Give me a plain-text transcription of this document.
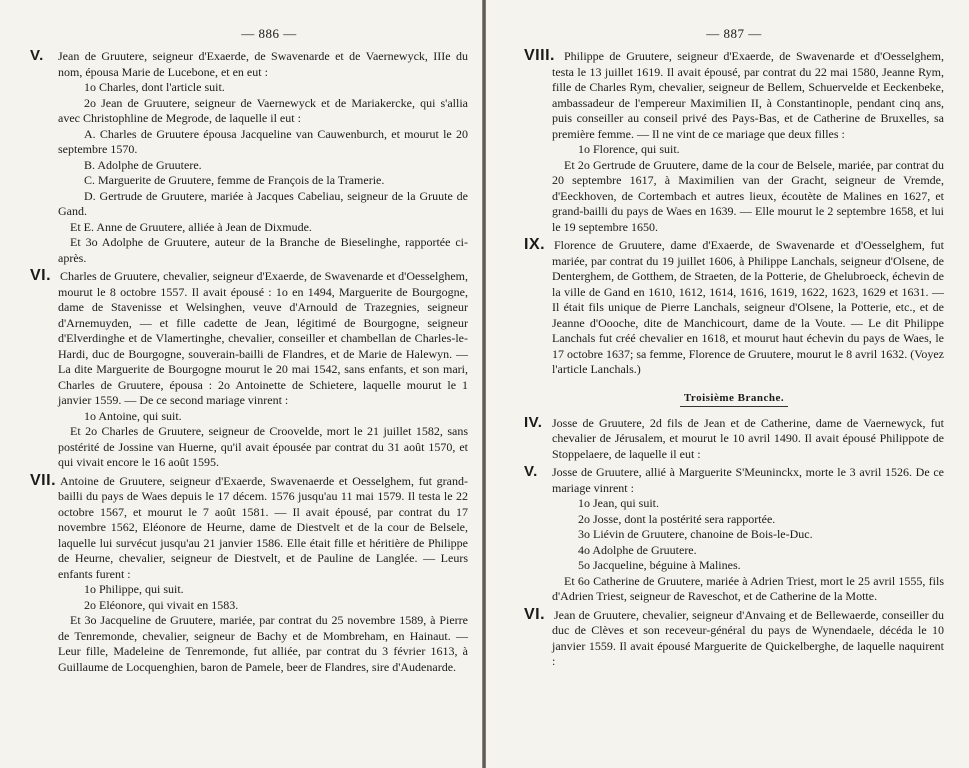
— 886 —

V. Jean de Gruutere, seigneur d'Exaerde, de Swavenarde et de Vaernewyck, IIIe du nom, épousa Marie de Lucebone, et en eut :

1o Charles, dont l'article suit.

2o Jean de Gruutere, seigneur de Vaernewyck et de Mariakercke, qui s'allia avec Christophline de Megrode, de laquelle il eut :

A. Charles de Gruutere épousa Jacqueline van Cauwenburch, et mourut le 20 septembre 1570.

B. Adolphe de Gruutere.

C. Marguerite de Gruutere, femme de François de la Tramerie.

D. Gertrude de Gruutere, mariée à Jacques Cabeliau, seigneur de la Gruute de Gand.

Et E. Anne de Gruutere, alliée à Jean de Dixmude.

Et 3o Adolphe de Gruutere, auteur de la Branche de Bieselinghe, rapportée ci-après.

VI. Charles de Gruutere, chevalier, seigneur d'Exaerde, de Swavenarde et d'Oesselghem, mourut le 8 octobre 1557. Il avait épousé : 1o en 1494, Marguerite de Bourgogne, dame de Stavenisse et Welsinghen, veuve d'Arnould de Trazegnies, seigneur d'Arnemuyden, — et fille cadette de Jean, légitimé de Bourgogne, seigneur d'Elverdinghe et de Vlamertinghe, chevalier, conseiller et chambellan de Charles-le-Hardi, duc de Bourgogne, souverain-bailli de Flandres, et de Marie de Halewyn. — La dite Marguerite de Bourgogne mourut le 20 mai 1542, sans enfants, et son mari, Charles de Gruutere, épousa : 2o Antoinette de Schietere, laquelle mourut le 1 janvier 1559. — De ce second mariage vinrent :

1o Antoine, qui suit.

Et 2o Charles de Gruutere, seigneur de Croovelde, mort le 21 juillet 1582, sans postérité de Jossine van Huerne, qu'il avait épousée par contrat du 31 août 1570, et qui vivait encore le 16 août 1595.

VII. Antoine de Gruutere, seigneur d'Exaerde, Swavenaerde et Oesselghem, fut grand-bailli du pays de Waes depuis le 17 décem. 1576 jusqu'au 11 mai 1579. Il testa le 22 octobre 1567, et mourut le 7 août 1581. — Il avait épousé, par contrat du 17 novembre 1562, Eléonore de Heurne, dame de Diestvelt et de la cour de Belsele, laquelle lui survécut jusqu'au 21 janvier 1586. Elle était fille et héritière de Philippe de Heurne, chevalier, seigneur de Diestvelt, et de Pauline de Langlée. — Leurs enfants furent :

1o Philippe, qui suit.

2o Eléonore, qui vivait en 1583.

Et 3o Jacqueline de Gruutere, mariée, par contrat du 25 novembre 1589, à Pierre de Tenremonde, chevalier, seigneur de Bachy et de Mombreham, en Hainaut. — Leur fille, Madeleine de Tenremonde, fut alliée, par contrat du 3 février 1613, à Guillaume de Locquenghien, baron de Pamele, beer de Flandres, sire d'Audenarde.

— 887 —

VIII. Philippe de Gruutere, seigneur d'Exaerde, de Swavenarde et d'Oesselghem, testa le 13 juillet 1619. Il avait épousé, par contrat du 22 mai 1580, Jeanne Rym, fille de Charles Rym, chevalier, seigneur de Bellem, Schuervelde et Eeckenbeke, ambassadeur de l'empereur Maximilien II, à Constantinople, pendant cinq ans, puis conseiller au conseil privé des Pays-Bas, et de Catherine de Bruxelles, sa première femme. — Il ne vint de ce mariage que deux filles :

1o Florence, qui suit.

Et 2o Gertrude de Gruutere, dame de la cour de Belsele, mariée, par contrat du 20 septembre 1617, à Maximilien van der Gracht, seigneur de Vremde, d'Eeckhoven, de Cortembach et autres lieux, écoutète de Malines en 1627, et grand-bailli du pays de Waes en 1639. — Elle mourut le 2 septembre 1658, et lui le 19 septembre 1650.

IX. Florence de Gruutere, dame d'Exaerde, de Swavenarde et d'Oesselghem, fut mariée, par contrat du 19 juillet 1606, à Philippe Lanchals, seigneur d'Olsene, de Denterghem, de Gotthem, de Straeten, de la Potterie, de Ghelubroeck, échevin de la ville de Gand en 1610, 1612, 1614, 1616, 1619, 1622, 1623, 1629 et 1631. — Il était fils unique de Pierre Lanchals, seigneur d'Olsene, la Potterie, etc., et de Jeanne d'Oooche, dite de Manchicourt, dame de la Voute. — Le dit Philippe Lanchals fut créé chevalier en 1618, et mourut haut échevin du pays de Waes, le 17 octobre 1637; sa femme, Florence de Gruutere, mourut le 8 avril 1632. (Voyez l'article Lanchals.)

Troisième Branche.

IV. Josse de Gruutere, 2d fils de Jean et de Catherine, dame de Vaernewyck, fut chevalier de Jérusalem, et mourut le 10 avril 1490. Il avait épousé Philippote de Stoppelaere, de laquelle il eut :

V. Josse de Gruutere, allié à Marguerite S'Meuninckx, morte le 3 avril 1526. De ce mariage vinrent :

1o Jean, qui suit.

2o Josse, dont la postérité sera rapportée.

3o Liévin de Gruutere, chanoine de Bois-le-Duc.

4o Adolphe de Gruutere.

5o Jacqueline, béguine à Malines.

Et 6o Catherine de Gruutere, mariée à Adrien Triest, mort le 25 avril 1555, fils d'Adrien Triest, seigneur de Raveschot, et de Catherine de la Motte.

VI. Jean de Gruutere, chevalier, seigneur d'Anvaing et de Bellewaerde, conseiller du duc de Clèves et son receveur-général du pays de Wynendaele, décéda le 10 janvier 1559. Il avait épousé Marguerite de Quickelberghe, de laquelle naquirent :
